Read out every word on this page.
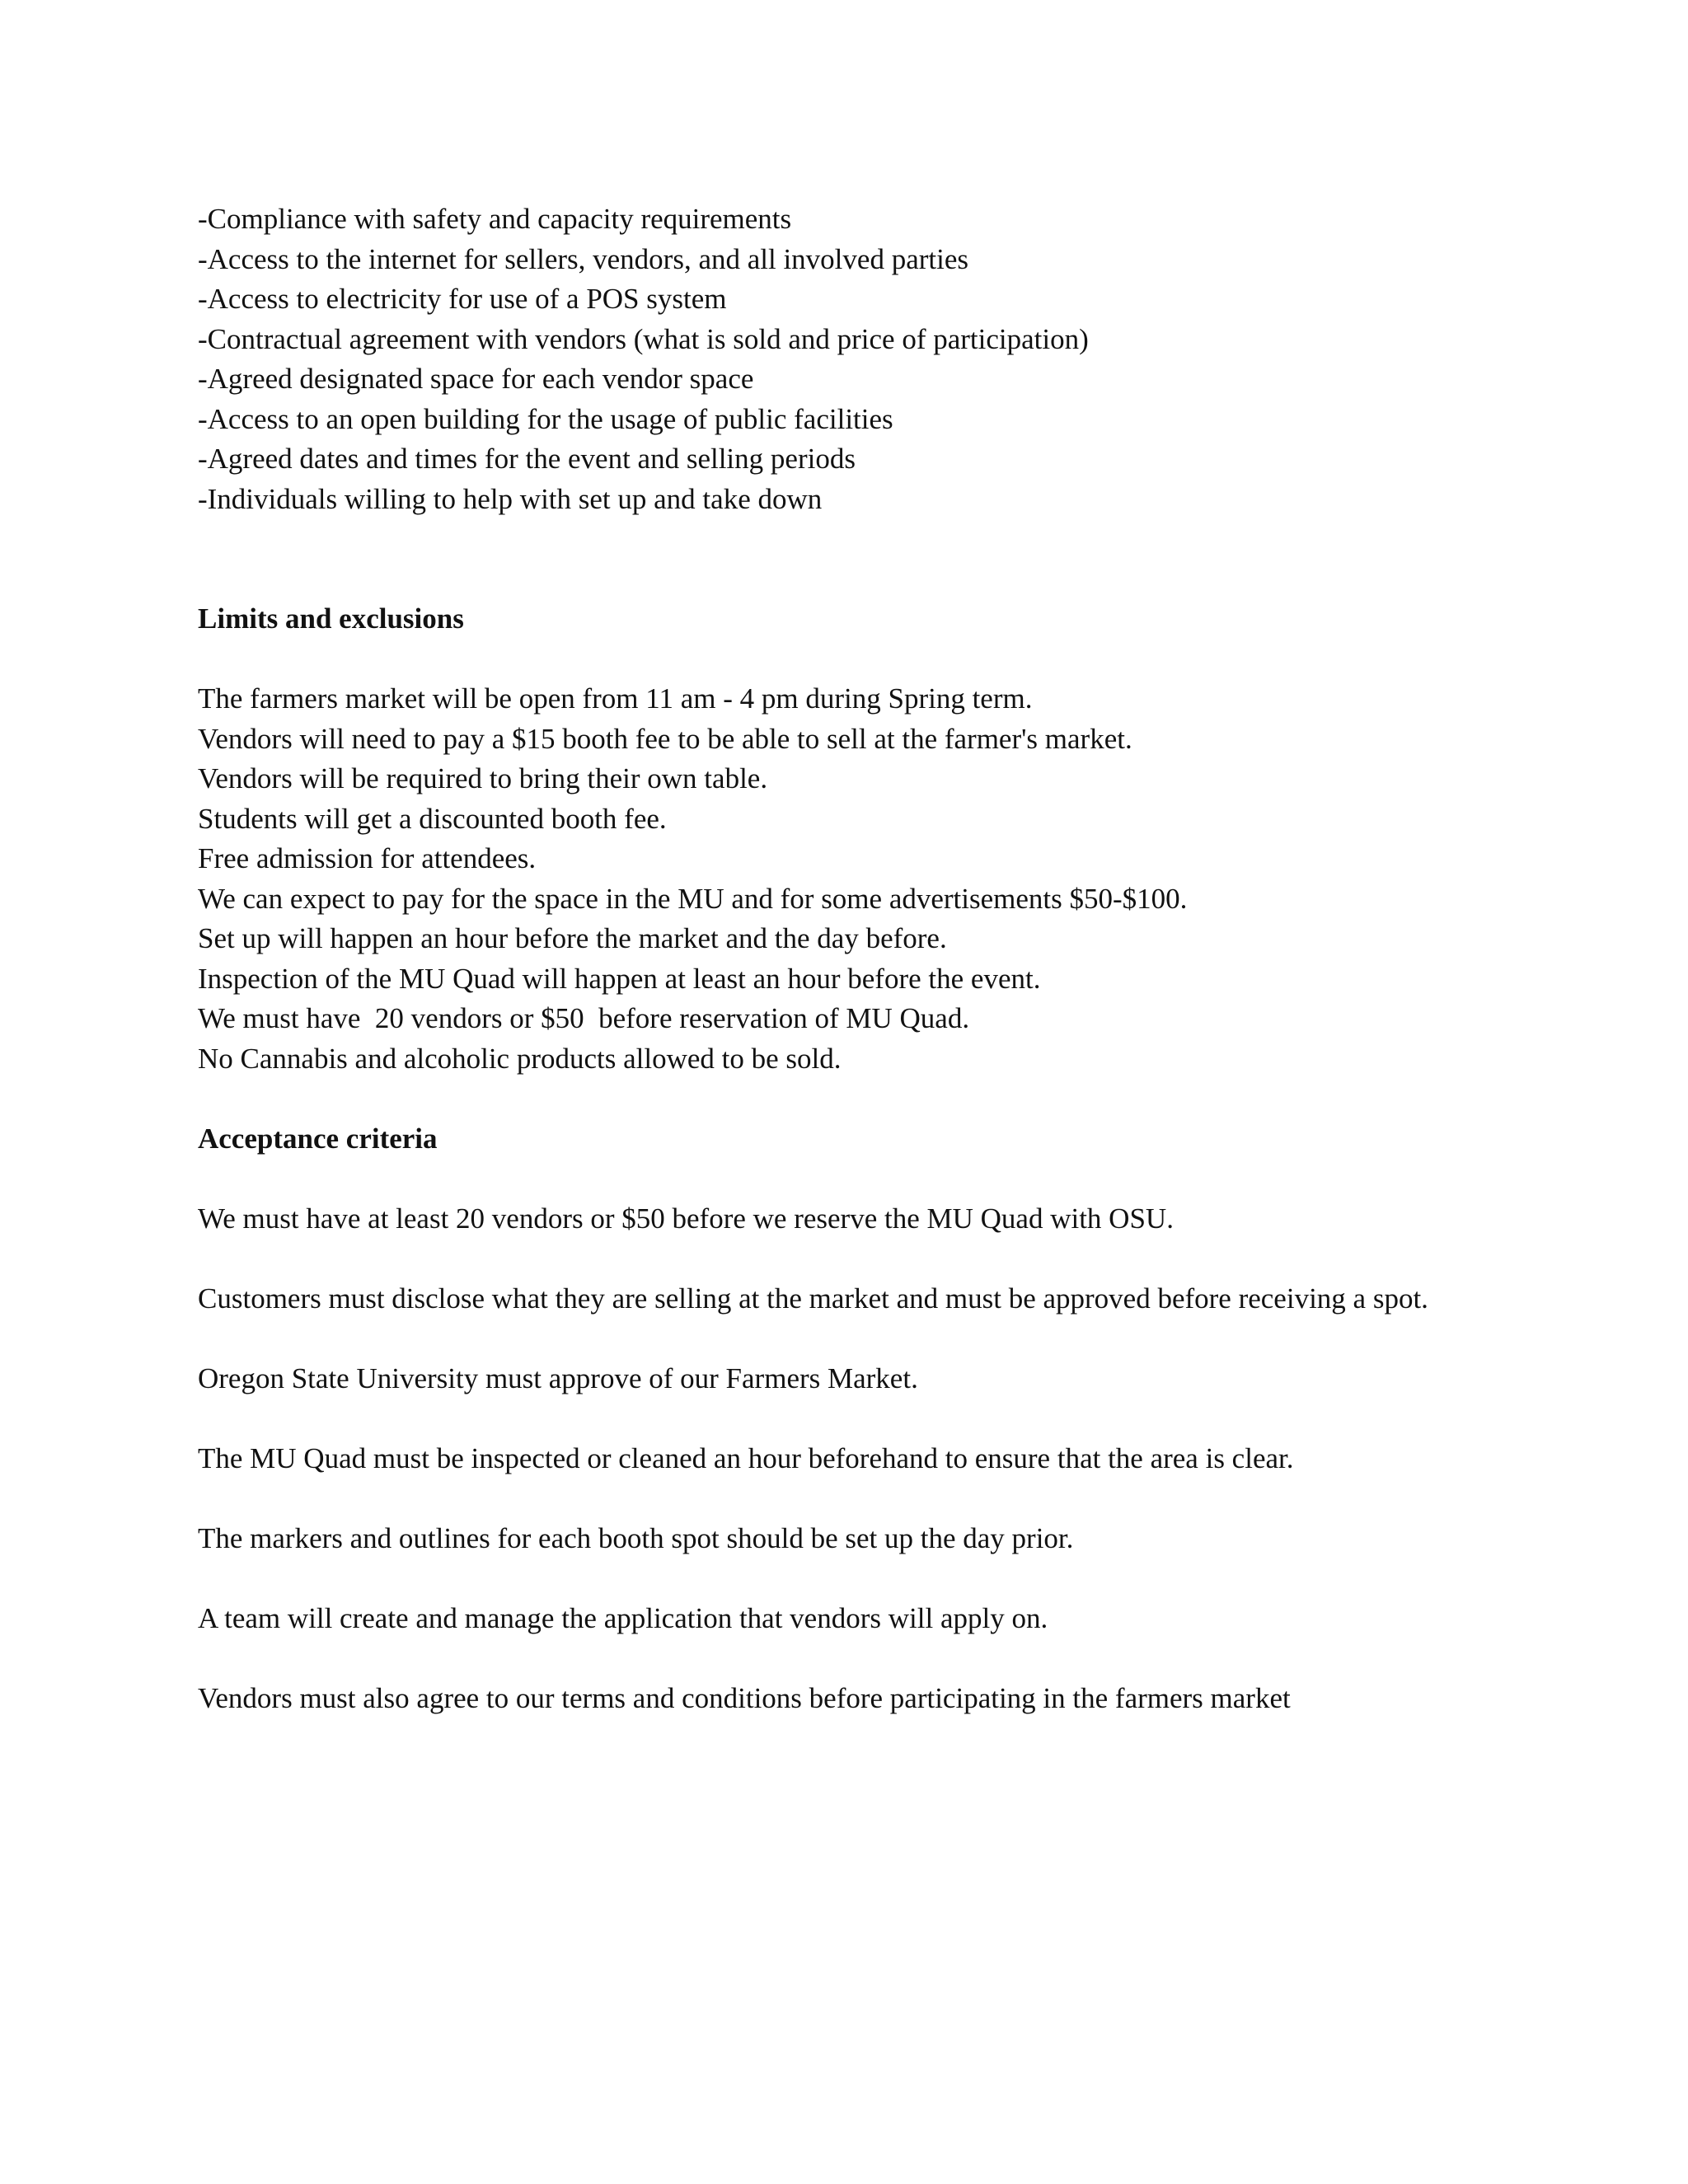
-Compliance with safety and capacity requirements
-Access to the internet for sellers, vendors, and all involved parties
-Access to electricity for use of a POS system
-Contractual agreement with vendors (what is sold and price of participation)
-Agreed designated space for each vendor space
-Access to an open building for the usage of public facilities
-Agreed dates and times for the event and selling periods
-Individuals willing to help with set up and take down
Limits and exclusions
The farmers market will be open from 11 am - 4 pm during Spring term.
Vendors will need to pay a $15 booth fee to be able to sell at the farmer's market.
Vendors will be required to bring their own table.
Students will get a discounted booth fee.
Free admission for attendees.
We can expect to pay for the space in the MU and for some advertisements $50-$100.
Set up will happen an hour before the market and the day before.
Inspection of the MU Quad will happen at least an hour before the event.
We must have  20 vendors or $50  before reservation of MU Quad.
No Cannabis and alcoholic products allowed to be sold.
Acceptance criteria
We must have at least 20 vendors or $50 before we reserve the MU Quad with OSU.
Customers must disclose what they are selling at the market and must be approved before receiving a spot.
Oregon State University must approve of our Farmers Market.
The MU Quad must be inspected or cleaned an hour beforehand to ensure that the area is clear.
The markers and outlines for each booth spot should be set up the day prior.
A team will create and manage the application that vendors will apply on.
Vendors must also agree to our terms and conditions before participating in the farmers market
